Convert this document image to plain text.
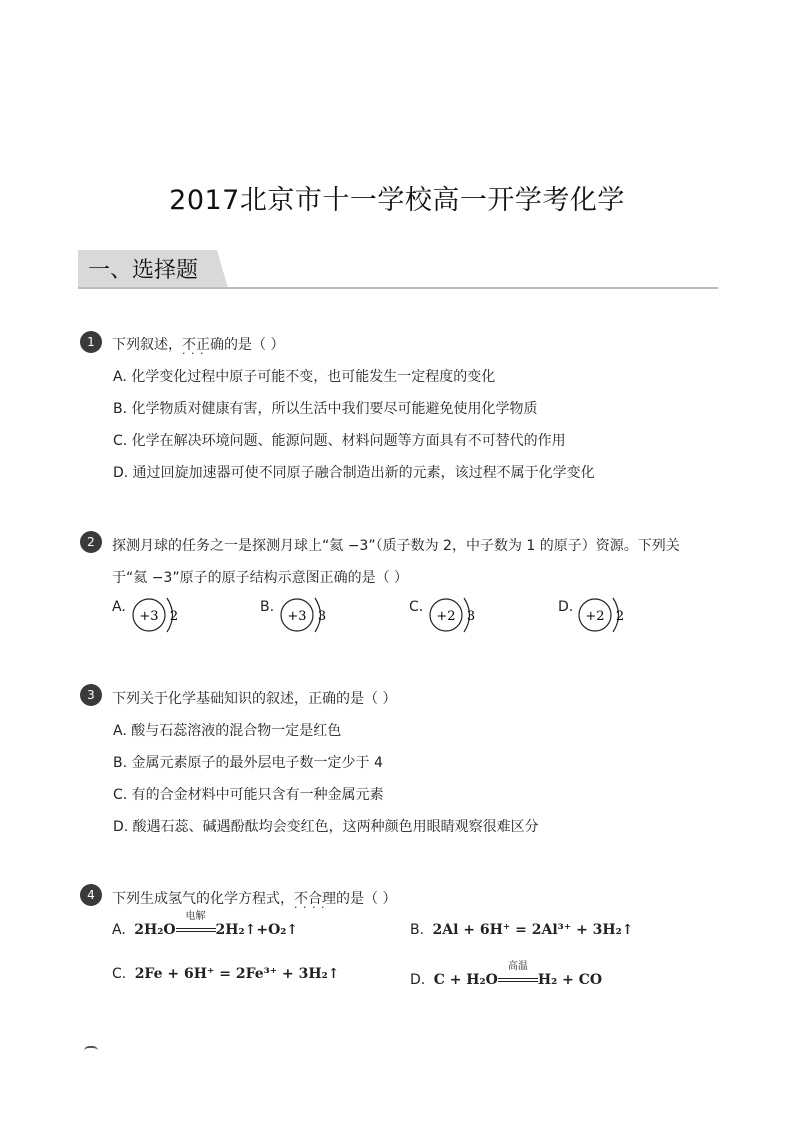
2017北京市十一学校高一开学考化学
一、选择题
1	下列叙述，不正确 · · ·的是（ ）
A. 化学变化过程中原子可能不变，也可能发生一定程度的变化
B. 化学物质对健康有害，所以生活中我们要尽可能避免使用化学物质
C. 化学在解决环境问题、能源问题、材料问题等方面具有不可替代的作用
D. 通过回旋加速器可使不同原子融合制造出新的元素，该过程不属于化学变化
2	探测月球的任务之一是探测月球上“氦 −3”（质子数为 2，中子数为 1 的原子）资源。下列关
于“氦 −3”原子的原子结构示意图正确的是（ ）
A.
+3 2
B.
+3 3
C.
+2 3
D.
+2 2
3	下列关于化学基础知识的叙述，正确的是（ ）
A. 酸与石蕊溶液的混合物一定是红色
B. 金属元素原子的最外层电子数一定少于 4
C. 有的合金材料中可能只含有一种金属元素
D. 酸遇石蕊、碱遇酚酞均会变红色，这两种颜色用眼睛观察很难区分
4	下列生成氢气的化学方程式，不合理 · · · ·的是（ ）
A. 2H₂O
电解
2H₂↑+O₂↑	B. 2Al + 6H⁺ = 2Al³⁺ + 3H₂↑
C. 2Fe + 6H⁺ = 2Fe³⁺ + 3H₂↑	D. C + H₂O
高温
H₂ + CO
